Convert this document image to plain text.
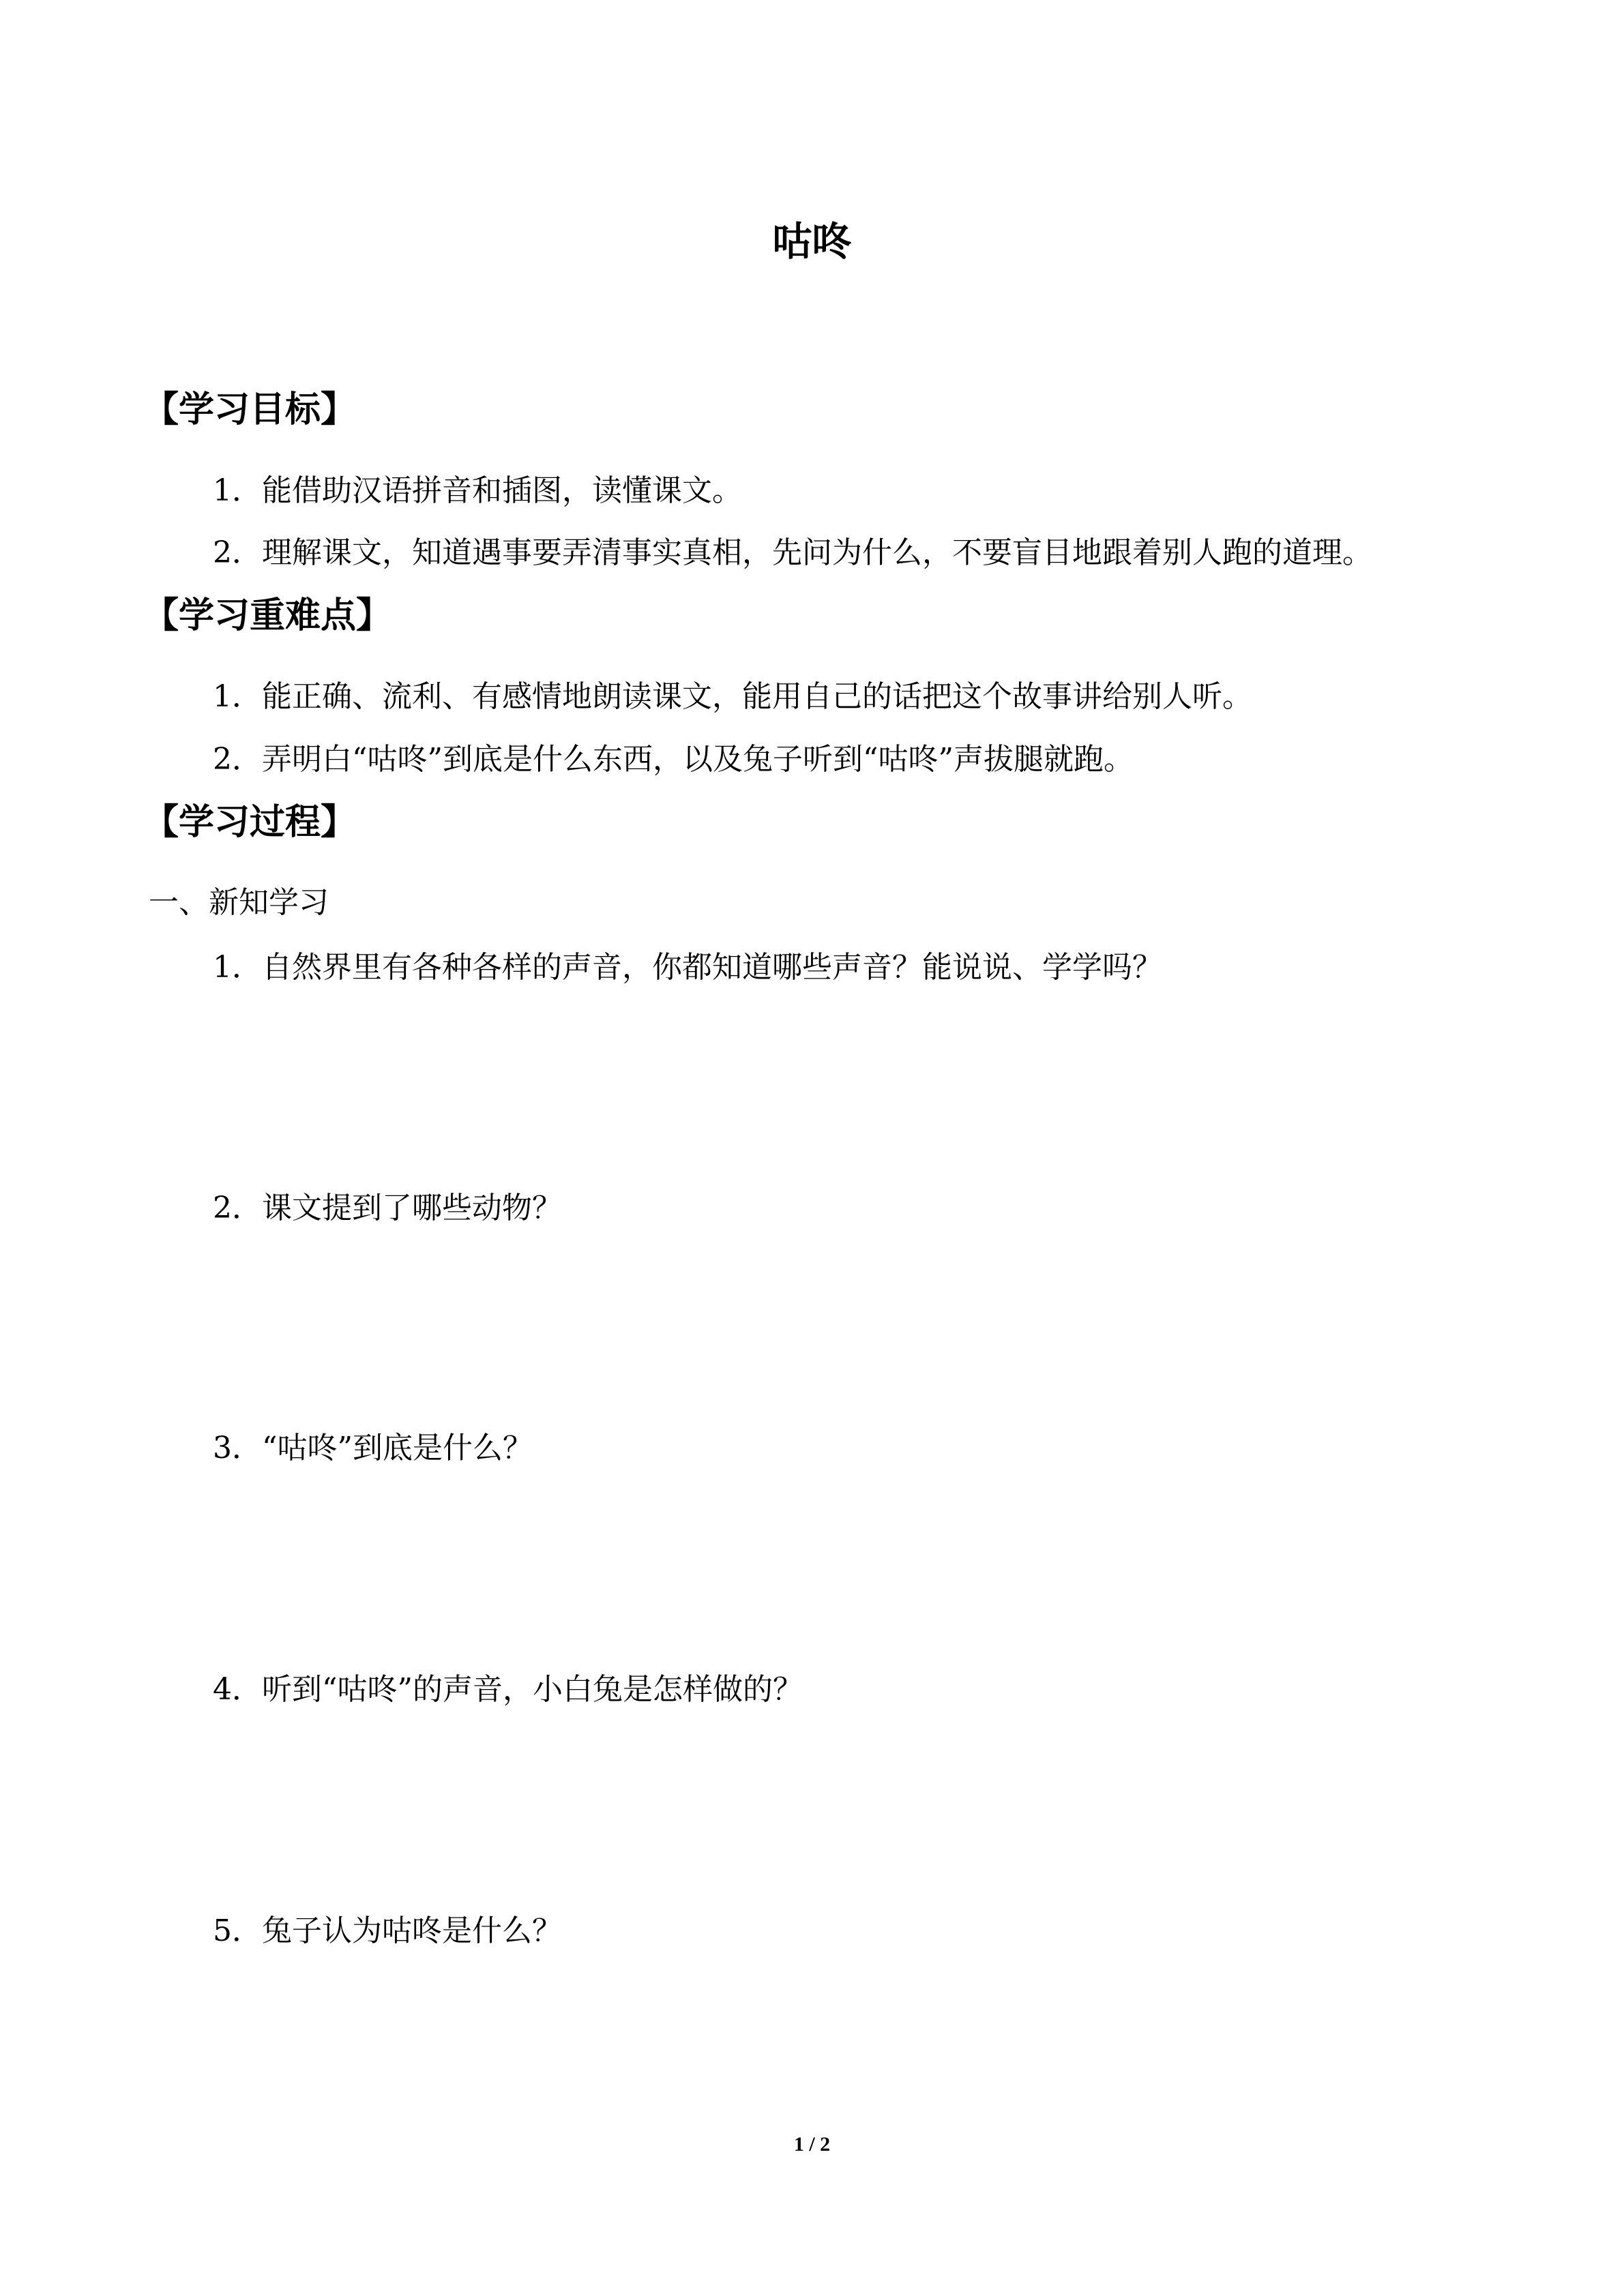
咕咚
【学习目标】
1．能借助汉语拼音和插图，读懂课文。
2．理解课文，知道遇事要弄清事实真相，先问为什么，不要盲目地跟着别人跑的道理。
【学习重难点】
1．能正确、流利、有感情地朗读课文，能用自己的话把这个故事讲给别人听。
2．弄明白“咕咚”到底是什么东西，以及兔子听到“咕咚”声拔腿就跑。
【学习过程】
一、新知学习
1．自然界里有各种各样的声音，你都知道哪些声音？能说说、学学吗？
2．课文提到了哪些动物？
3．“咕咚”到底是什么？
4．听到“咕咚”的声音，小白兔是怎样做的？
5．兔子认为咕咚是什么？
1 / 2
